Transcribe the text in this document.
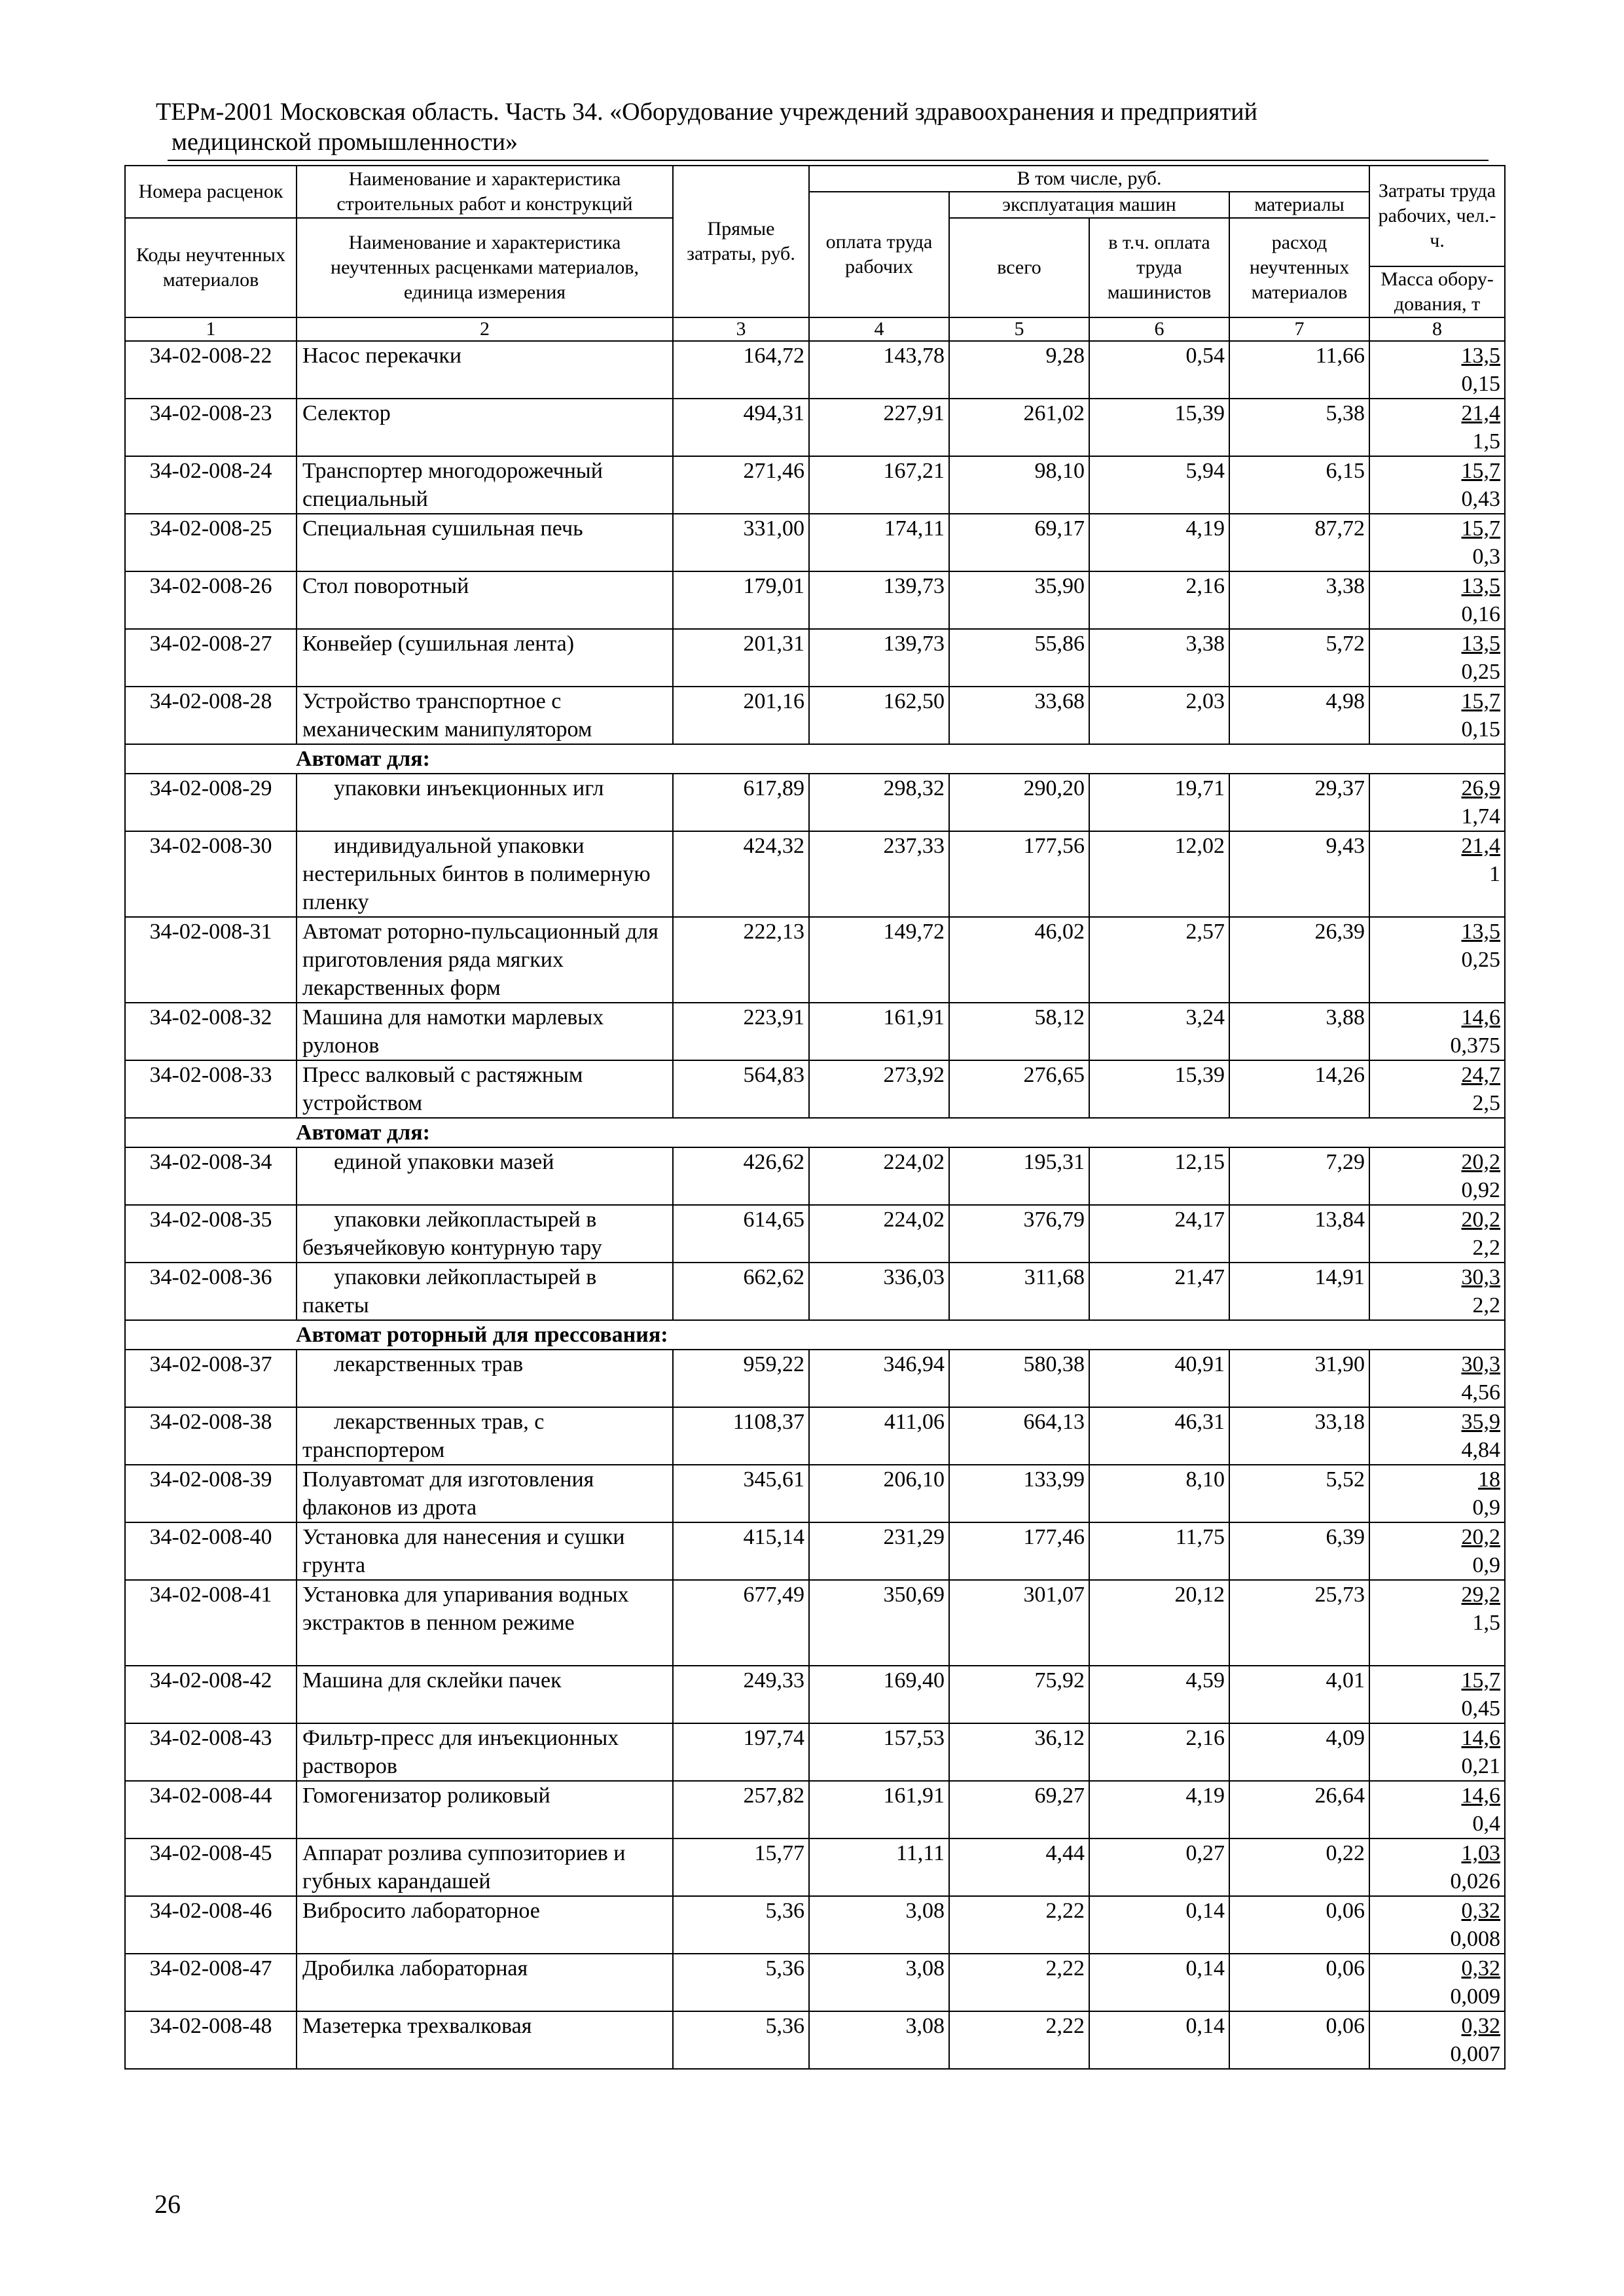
ТЕРм-2001 Московская область. Часть 34. «Оборудование учреждений здравоохранения и предприятий
медицинской промышленности»
Номера расценок	Наименование и характеристика строительных работ и конструкций	Прямые затраты, руб.	В том числе, руб.				Затраты труда рабочих, чел.-ч.
			оплата труда рабочих	эксплуатация машин		материалы	
Коды неучтенных материалов	Наименование и характеристика неучтенных расценками материалов, единица измерения			всего	в т.ч. оплата труда машинистов	расход неучтенных материалов	
							Масса обору-дования, т
1	2	3	4	5	6	7	8
34-02-008-22	Насос перекачки	164,72	143,78	9,28	0,54	11,66	13,5
0,15

34-02-008-23	Селектор	494,31	227,91	261,02	15,39	5,38	21,4
1,5

34-02-008-24	Транспортер многодорожечный специальный	271,46	167,21	98,10	5,94	6,15	15,7
0,43

34-02-008-25	Специальная сушильная печь	331,00	174,11	69,17	4,19	87,72	15,7
0,3

34-02-008-26	Стол поворотный	179,01	139,73	35,90	2,16	3,38	13,5
0,16

34-02-008-27	Конвейер (сушильная лента)	201,31	139,73	55,86	3,38	5,72	13,5
0,25

34-02-008-28	Устройство транспортное с механическим манипулятором	201,16	162,50	33,68	2,03	4,98	15,7
0,15

Автомат для:							
34-02-008-29	упаковки инъекционных игл	617,89	298,32	290,20	19,71	29,37	26,9
1,74

34-02-008-30	индивидуальной упаковки нестерильных бинтов в полимерную пленку	424,32	237,33	177,56	12,02	9,43	21,4
1

34-02-008-31	Автомат роторно-пульсационный для приготовления ряда мягких лекарственных форм	222,13	149,72	46,02	2,57	26,39	13,5
0,25

34-02-008-32	Машина для намотки марлевых рулонов	223,91	161,91	58,12	3,24	3,88	14,6
0,375

34-02-008-33	Пресс валковый с растяжным устройством	564,83	273,92	276,65	15,39	14,26	24,7
2,5

Автомат для:							
34-02-008-34	единой упаковки мазей	426,62	224,02	195,31	12,15	7,29	20,2
0,92

34-02-008-35	упаковки лейкопластырей в безъячейковую контурную тару	614,65	224,02	376,79	24,17	13,84	20,2
2,2

34-02-008-36	упаковки лейкопластырей в пакеты	662,62	336,03	311,68	21,47	14,91	30,3
2,2

Автомат роторный для прессования:							
34-02-008-37	лекарственных трав	959,22	346,94	580,38	40,91	31,90	30,3
4,56

34-02-008-38	лекарственных трав, с транспортером	1108,37	411,06	664,13	46,31	33,18	35,9
4,84

34-02-008-39	Полуавтомат для изготовления флаконов из дрота	345,61	206,10	133,99	8,10	5,52	18
0,9

34-02-008-40	Установка для нанесения и сушки грунта	415,14	231,29	177,46	11,75	6,39	20,2
0,9

34-02-008-41	Установка для упаривания водных экстрактов в пенном режиме	677,49	350,69	301,07	20,12	25,73	29,2
1,5

34-02-008-42	Машина для склейки пачек	249,33	169,40	75,92	4,59	4,01	15,7
0,45

34-02-008-43	Фильтр-пресс для инъекционных растворов	197,74	157,53	36,12	2,16	4,09	14,6
0,21

34-02-008-44	Гомогенизатор роликовый	257,82	161,91	69,27	4,19	26,64	14,6
0,4

34-02-008-45	Аппарат розлива суппозиториев и губных карандашей	15,77	11,11	4,44	0,27	0,22	1,03
0,026

34-02-008-46	Вибросито лабораторное	5,36	3,08	2,22	0,14	0,06	0,32
0,008

34-02-008-47	Дробилка лабораторная	5,36	3,08	2,22	0,14	0,06	0,32
0,009

34-02-008-48	Мазетерка трехвалковая	5,36	3,08	2,22	0,14	0,06	0,32
0,007
26
